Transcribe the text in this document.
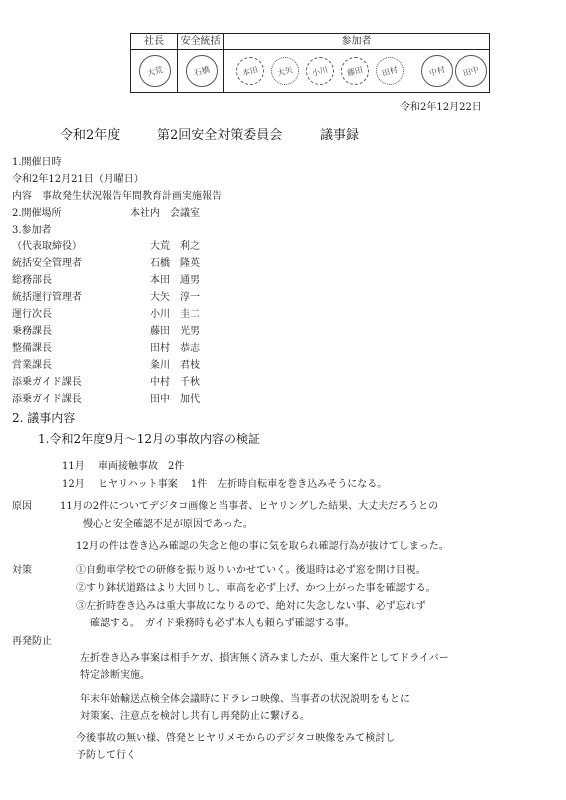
社長	安全統括	参加者
大荒	石橋	本田 大矢 小川 藤田 田村	中村 田中
令和2年12月22日
令和2年度	第2回安全対策委員会	議事録
1.開催日時
令和2年12月21日（月曜日）
内容　事故発生状況報告年間教育計画実施報告
2.開催場所	本社内　会議室
3.参加者
（代表取締役）	大荒　利之
統括安全管理者	石橋　隆英
総務部長	本田　通男
統括運行管理者	大矢　淳一
運行次長	小川　圭二
乗務課長	藤田　光男
整備課長	田村　恭志
営業課長	粂川　君枝
添乗ガイド課長	中村　千秋
添乗ガイド課長	田中　加代
2. 議事内容
1.令和2年度9月～12月の事故内容の検証
11月 車両接触事故　2件
12月 ヒヤリハット事案　 1件　左折時自転車を巻き込みそうになる。
原因	11月の2件についてデジタコ画像と当事者、ヒヤリングした結果、大丈夫だろうとの
慢心と安全確認不足が原因であった。
12月の件は巻き込み確認の失念と他の事に気を取られ確認行為が抜けてしまった。
対策	①自動車学校での研修を振り返りいかせていく。後退時は必ず窓を開け目視。
②すり鉢状道路はより大回りし、車高を必ず上げ、かつ上がった事を確認する。
③左折時巻き込みは重大事故になりるので、絶対に失念しない事、必ず忘れず
確認する。　ガイド乗務時も必ず本人も頼らず確認する事。
再発防止
左折巻き込み事案は相手ケガ、損害無く済みましたが、重大案件としてドライバー
特定診断実施。
年末年始輸送点検全体会議時にドラレコ映像、当事者の状況説明をもとに
対策案、注意点を検討し共有し再発防止に繋げる。
今後事故の無い様、啓発とヒヤリメモからのデジタコ映像をみて検討し
予防して行く
